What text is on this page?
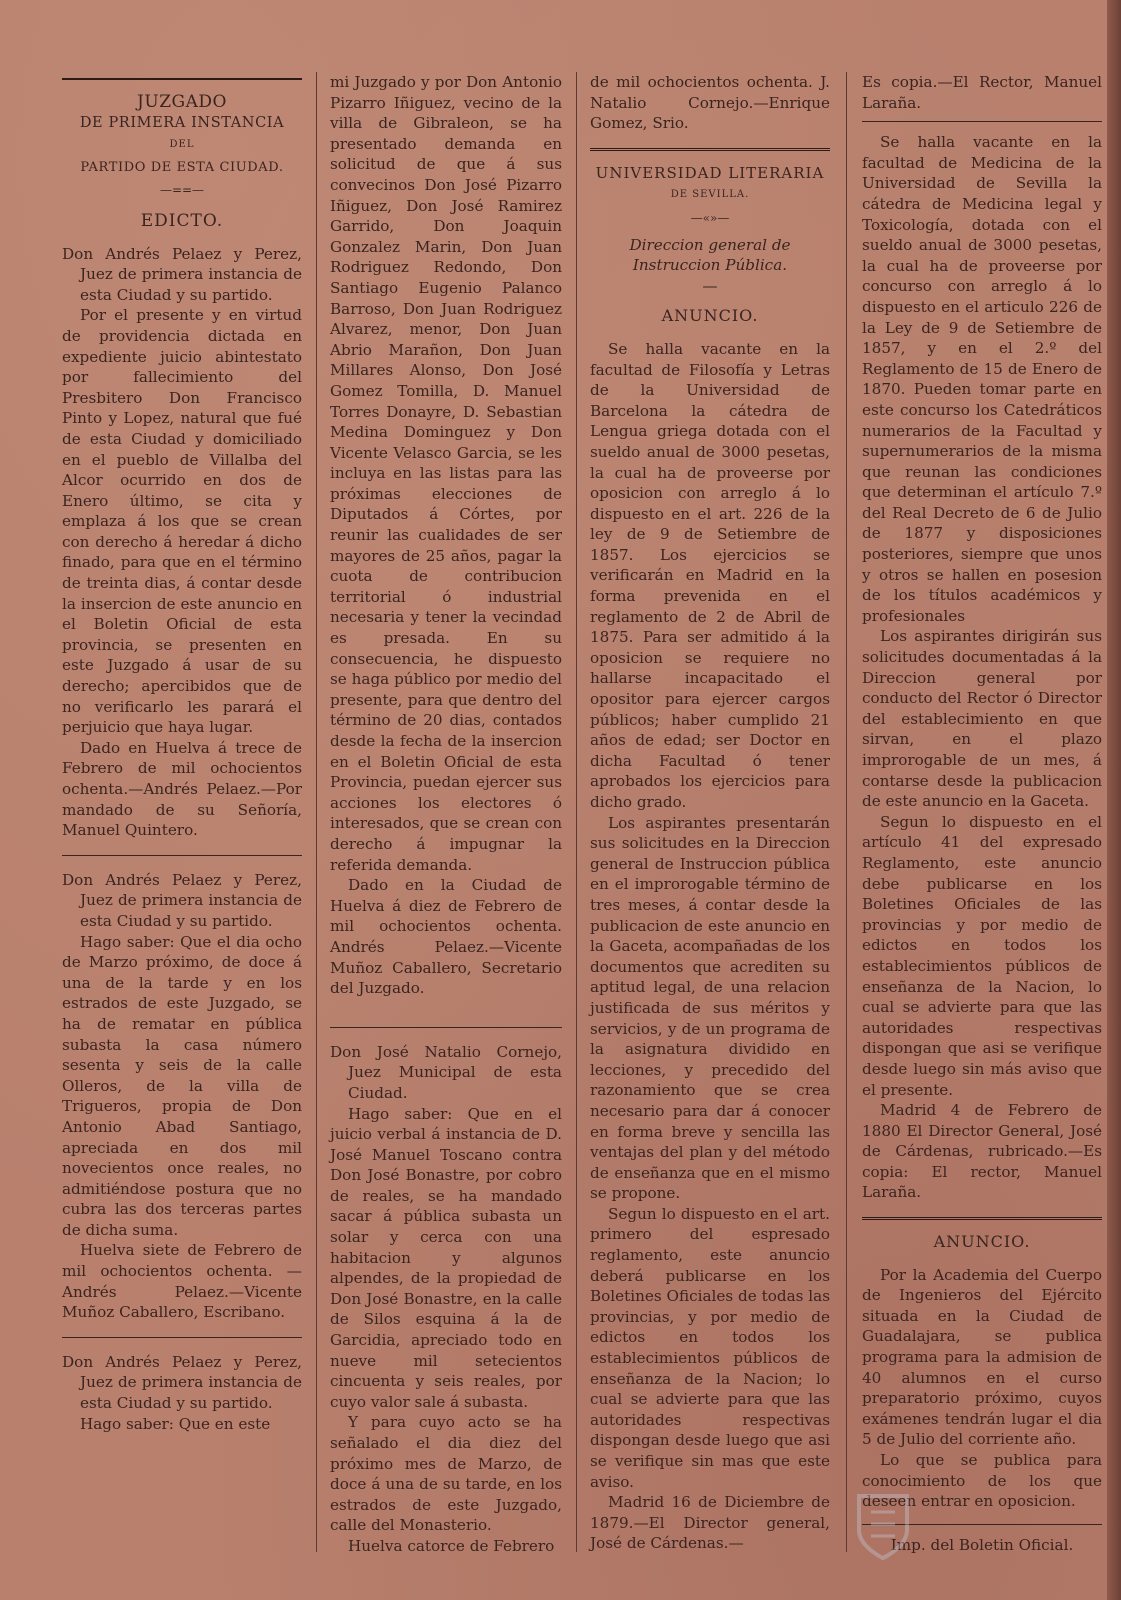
JUZGADO
DE PRIMERA INSTANCIA
DEL
PARTIDO DE ESTA CIUDAD.
—==—
EDICTO.

Don Andrés Pelaez y Perez, Juez de primera instancia de esta Ciudad y su partido.

Por el presente y en virtud de providencia dictada en expediente juicio abintestato por fallecimiento del Presbitero Don Francisco Pinto y Lopez, natural que fué de esta Ciudad y domiciliado en el pueblo de Villalba del Alcor ocurrido en dos de Enero último, se cita y emplaza á los que se crean con derecho á heredar á dicho finado, para que en el término de treinta dias, á contar desde la insercion de este anuncio en el Boletin Oficial de esta provincia, se presenten en este Juzgado á usar de su derecho; apercibidos que de no verificarlo les parará el perjuicio que haya lugar.

Dado en Huelva á trece de Febrero de mil ochocientos ochenta.—Andrés Pelaez.—Por mandado de su Señoría, Manuel Quintero.

Don Andrés Pelaez y Perez, Juez de primera instancia de esta Ciudad y su partido.

Hago saber: Que el dia ocho de Marzo próximo, de doce á una de la tarde y en los estrados de este Juzgado, se ha de rematar en pública subasta la casa número sesenta y seis de la calle Olleros, de la villa de Trigueros, propia de Don Antonio Abad Santiago, apreciada en dos mil novecientos once reales, no admitiéndose postura que no cubra las dos terceras partes de dicha suma.

Huelva siete de Febrero de mil ochocientos ochenta. —Andrés Pelaez.—Vicente Muñoz Caballero, Escribano.

Don Andrés Pelaez y Perez, Juez de primera instancia de esta Ciudad y su partido.

Hago saber: Que en este

mi Juzgado y por Don Antonio Pizarro Iñiguez, vecino de la villa de Gibraleon, se ha presentado demanda en solicitud de que á sus convecinos Don José Pizarro Iñiguez, Don José Ramirez Garrido, Don Joaquin Gonzalez Marin, Don Juan Rodriguez Redondo, Don Santiago Eugenio Palanco Barroso, Don Juan Rodriguez Alvarez, menor, Don Juan Abrio Marañon, Don Juan Millares Alonso, Don José Gomez Tomilla, D. Manuel Torres Donayre, D. Sebastian Medina Dominguez y Don Vicente Velasco Garcia, se les incluya en las listas para las próximas elecciones de Diputados á Córtes, por reunir las cualidades de ser mayores de 25 años, pagar la cuota de contribucion territorial ó industrial necesaria y tener la vecindad es presada. En su consecuencia, he dispuesto se haga público por medio del presente, para que dentro del término de 20 dias, contados desde la fecha de la insercion en el Boletin Oficial de esta Provincia, puedan ejercer sus acciones los electores ó interesados, que se crean con derecho á impugnar la referida demanda.

Dado en la Ciudad de Huelva á diez de Febrero de mil ochocientos ochenta. Andrés Pelaez.—Vicente Muñoz Caballero, Secretario del Juzgado.

Don José Natalio Cornejo, Juez Municipal de esta Ciudad.

Hago saber: Que en el juicio verbal á instancia de D. José Manuel Toscano contra Don José Bonastre, por cobro de reales, se ha mandado sacar á pública subasta un solar y cerca con una habitacion y algunos alpendes, de la propiedad de Don José Bonastre, en la calle de Silos esquina á la de Garcidia, apreciado todo en nueve mil setecientos cincuenta y seis reales, por cuyo valor sale á subasta.

Y para cuyo acto se ha señalado el dia diez del próximo mes de Marzo, de doce á una de su tarde, en los estrados de este Juzgado, calle del Monasterio.

Huelva catorce de Febrero

de mil ochocientos ochenta. J. Natalio Cornejo.—Enrique Gomez, Srio.

UNIVERSIDAD LITERARIA
DE SEVILLA.
—«»—
Direccion general de Instruccion Pública.
—
ANUNCIO.

Se halla vacante en la facultad de Filosofía y Letras de la Universidad de Barcelona la cátedra de Lengua griega dotada con el sueldo anual de 3000 pesetas, la cual ha de proveerse por oposicion con arreglo á lo dispuesto en el art. 226 de la ley de 9 de Setiembre de 1857. Los ejercicios se verificarán en Madrid en la forma prevenida en el reglamento de 2 de Abril de 1875. Para ser admitido á la oposicion se requiere no hallarse incapacitado el opositor para ejercer cargos públicos; haber cumplido 21 años de edad; ser Doctor en dicha Facultad ó tener aprobados los ejercicios para dicho grado.

Los aspirantes presentarán sus solicitudes en la Direccion general de Instruccion pública en el improrogable término de tres meses, á contar desde la publicacion de este anuncio en la Gaceta, acompañadas de los documentos que acrediten su aptitud legal, de una relacion justificada de sus méritos y servicios, y de un programa de la asignatura dividido en lecciones, y precedido del razonamiento que se crea necesario para dar á conocer en forma breve y sencilla las ventajas del plan y del método de enseñanza que en el mismo se propone.

Segun lo dispuesto en el art. primero del espresado reglamento, este anuncio deberá publicarse en los Boletines Oficiales de todas las provincias, y por medio de edictos en todos los establecimientos públicos de enseñanza de la Nacion; lo cual se advierte para que las autoridades respectivas dispongan desde luego que asi se verifique sin mas que este aviso.

Madrid 16 de Diciembre de 1879.—El Director general, José de Cárdenas.—

Es copia.—El Rector, Manuel Laraña.

Se halla vacante en la facultad de Medicina de la Universidad de Sevilla la cátedra de Medicina legal y Toxicología, dotada con el sueldo anual de 3000 pesetas, la cual ha de proveerse por concurso con arreglo á lo dispuesto en el articulo 226 de la Ley de 9 de Setiembre de 1857, y en el 2.º del Reglamento de 15 de Enero de 1870. Pueden tomar parte en este concurso los Catedráticos numerarios de la Facultad y supernumerarios de la misma que reunan las condiciones que determinan el artículo 7.º del Real Decreto de 6 de Julio de 1877 y disposiciones posteriores, siempre que unos y otros se hallen en posesion de los títulos académicos y profesionales

Los aspirantes dirigirán sus solicitudes documentadas á la Direccion general por conducto del Rector ó Director del establecimiento en que sirvan, en el plazo improrogable de un mes, á contarse desde la publicacion de este anuncio en la Gaceta.

Segun lo dispuesto en el artículo 41 del expresado Reglamento, este anuncio debe publicarse en los Boletines Oficiales de las provincias y por medio de edictos en todos los establecimientos públicos de enseñanza de la Nacion, lo cual se advierte para que las autoridades respectivas dispongan que asi se verifique desde luego sin más aviso que el presente.

Madrid 4 de Febrero de 1880 El Director General, José de Cárdenas, rubricado.—Es copia: El rector, Manuel Laraña.

ANUNCIO.

Por la Academia del Cuerpo de Ingenieros del Ejército situada en la Ciudad de Guadalajara, se publica programa para la admision de 40 alumnos en el curso preparatorio próximo, cuyos exámenes tendrán lugar el dia 5 de Julio del corriente año.

Lo que se publica para conocimiento de los que deseen entrar en oposicion.

Imp. del Boletin Oficial.
